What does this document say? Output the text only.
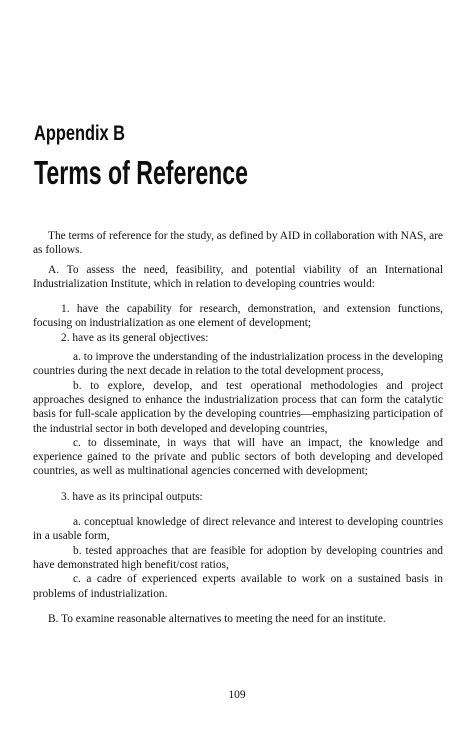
Appendix B
Terms of Reference

The terms of reference for the study, as defined by AID in collaboration with NAS, are as follows.

A. To assess the need, feasibility, and potential viability of an International Industrialization Institute, which in relation to developing countries would:

1. have the capability for research, demonstration, and extension functions, focusing on industrialization as one element of development;

2. have as its general objectives:

a. to improve the understanding of the industrialization process in the developing countries during the next decade in relation to the total development process,

b. to explore, develop, and test operational methodologies and project approaches designed to enhance the industrialization process that can form the catalytic basis for full-scale application by the developing countries—emphasizing participation of the industrial sector in both developed and developing countries,

c. to disseminate, in ways that will have an impact, the knowledge and experience gained to the private and public sectors of both developing and developed countries, as well as multinational agencies concerned with development;

3. have as its principal outputs:

a. conceptual knowledge of direct relevance and interest to developing countries in a usable form,

b. tested approaches that are feasible for adoption by developing countries and have demonstrated high benefit/cost ratios,

c. a cadre of experienced experts available to work on a sustained basis in problems of industrialization.

B. To examine reasonable alternatives to meeting the need for an institute.

109
